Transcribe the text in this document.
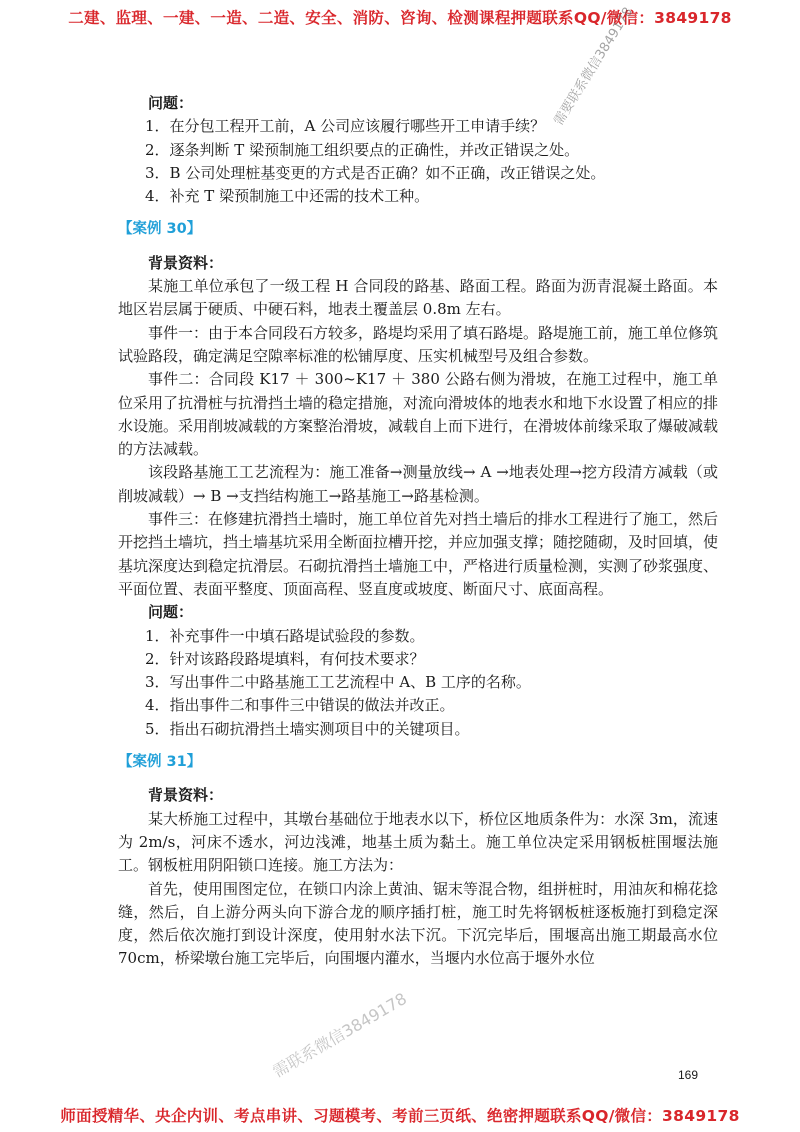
二建、监理、一建、一造、二造、安全、消防、咨询、检测课程押题联系QQ/微信：3849178
需要联系微信3849178

问题：

1．在分包工程开工前，A 公司应该履行哪些开工申请手续？

2．逐条判断 T 梁预制施工组织要点的正确性，并改正错误之处。

3．B 公司处理桩基变更的方式是否正确？如不正确，改正错误之处。

4．补充 T 梁预制施工中还需的技术工种。

【案例 30】

背景资料：

某施工单位承包了一级工程 H 合同段的路基、路面工程。路面为沥青混凝土路面。本地区岩层属于硬质、中硬石料，地表土覆盖层 0.8m 左右。

事件一：由于本合同段石方较多，路堤均采用了填石路堤。路堤施工前，施工单位修筑试验路段，确定满足空隙率标准的松铺厚度、压实机械型号及组合参数。

事件二：合同段 K17 ＋ 300~K17 ＋ 380 公路右侧为滑坡，在施工过程中，施工单位采用了抗滑桩与抗滑挡土墙的稳定措施，对流向滑坡体的地表水和地下水设置了相应的排水设施。采用削坡减载的方案整治滑坡，减载自上而下进行，在滑坡体前缘采取了爆破减载的方法减载。

该段路基施工工艺流程为：施工准备→测量放线→ A →地表处理→挖方段清方减载（或削坡减载）→ B →支挡结构施工→路基施工→路基检测。

事件三：在修建抗滑挡土墙时，施工单位首先对挡土墙后的排水工程进行了施工，然后开挖挡土墙坑，挡土墙基坑采用全断面拉槽开挖，并应加强支撑；随挖随砌，及时回填，使基坑深度达到稳定抗滑层。石砌抗滑挡土墙施工中，严格进行质量检测，实测了砂浆强度、平面位置、表面平整度、顶面高程、竖直度或坡度、断面尺寸、底面高程。

问题：

1．补充事件一中填石路堤试验段的参数。

2．针对该路段路堤填料，有何技术要求？

3．写出事件二中路基施工工艺流程中 A、B 工序的名称。

4．指出事件二和事件三中错误的做法并改正。

5．指出石砌抗滑挡土墙实测项目中的关键项目。

【案例 31】

背景资料：

某大桥施工过程中，其墩台基础位于地表水以下，桥位区地质条件为：水深 3m，流速为 2m/s，河床不透水，河边浅滩，地基土质为黏土。施工单位决定采用钢板桩围堰法施工。钢板桩用阴阳锁口连接。施工方法为：

首先，使用围图定位，在锁口内涂上黄油、锯末等混合物，组拼桩时，用油灰和棉花捻缝，然后，自上游分两头向下游合龙的顺序插打桩，施工时先将钢板桩逐板施打到稳定深度，然后依次施打到设计深度，使用射水法下沉。下沉完毕后，围堰高出施工期最高水位 70cm，桥梁墩台施工完毕后，向围堰内灌水，当堰内水位高于堰外水位

需联系微信3849178	169
师面授精华、央企内训、考点串讲、习题模考、考前三页纸、绝密押题联系QQ/微信：3849178
